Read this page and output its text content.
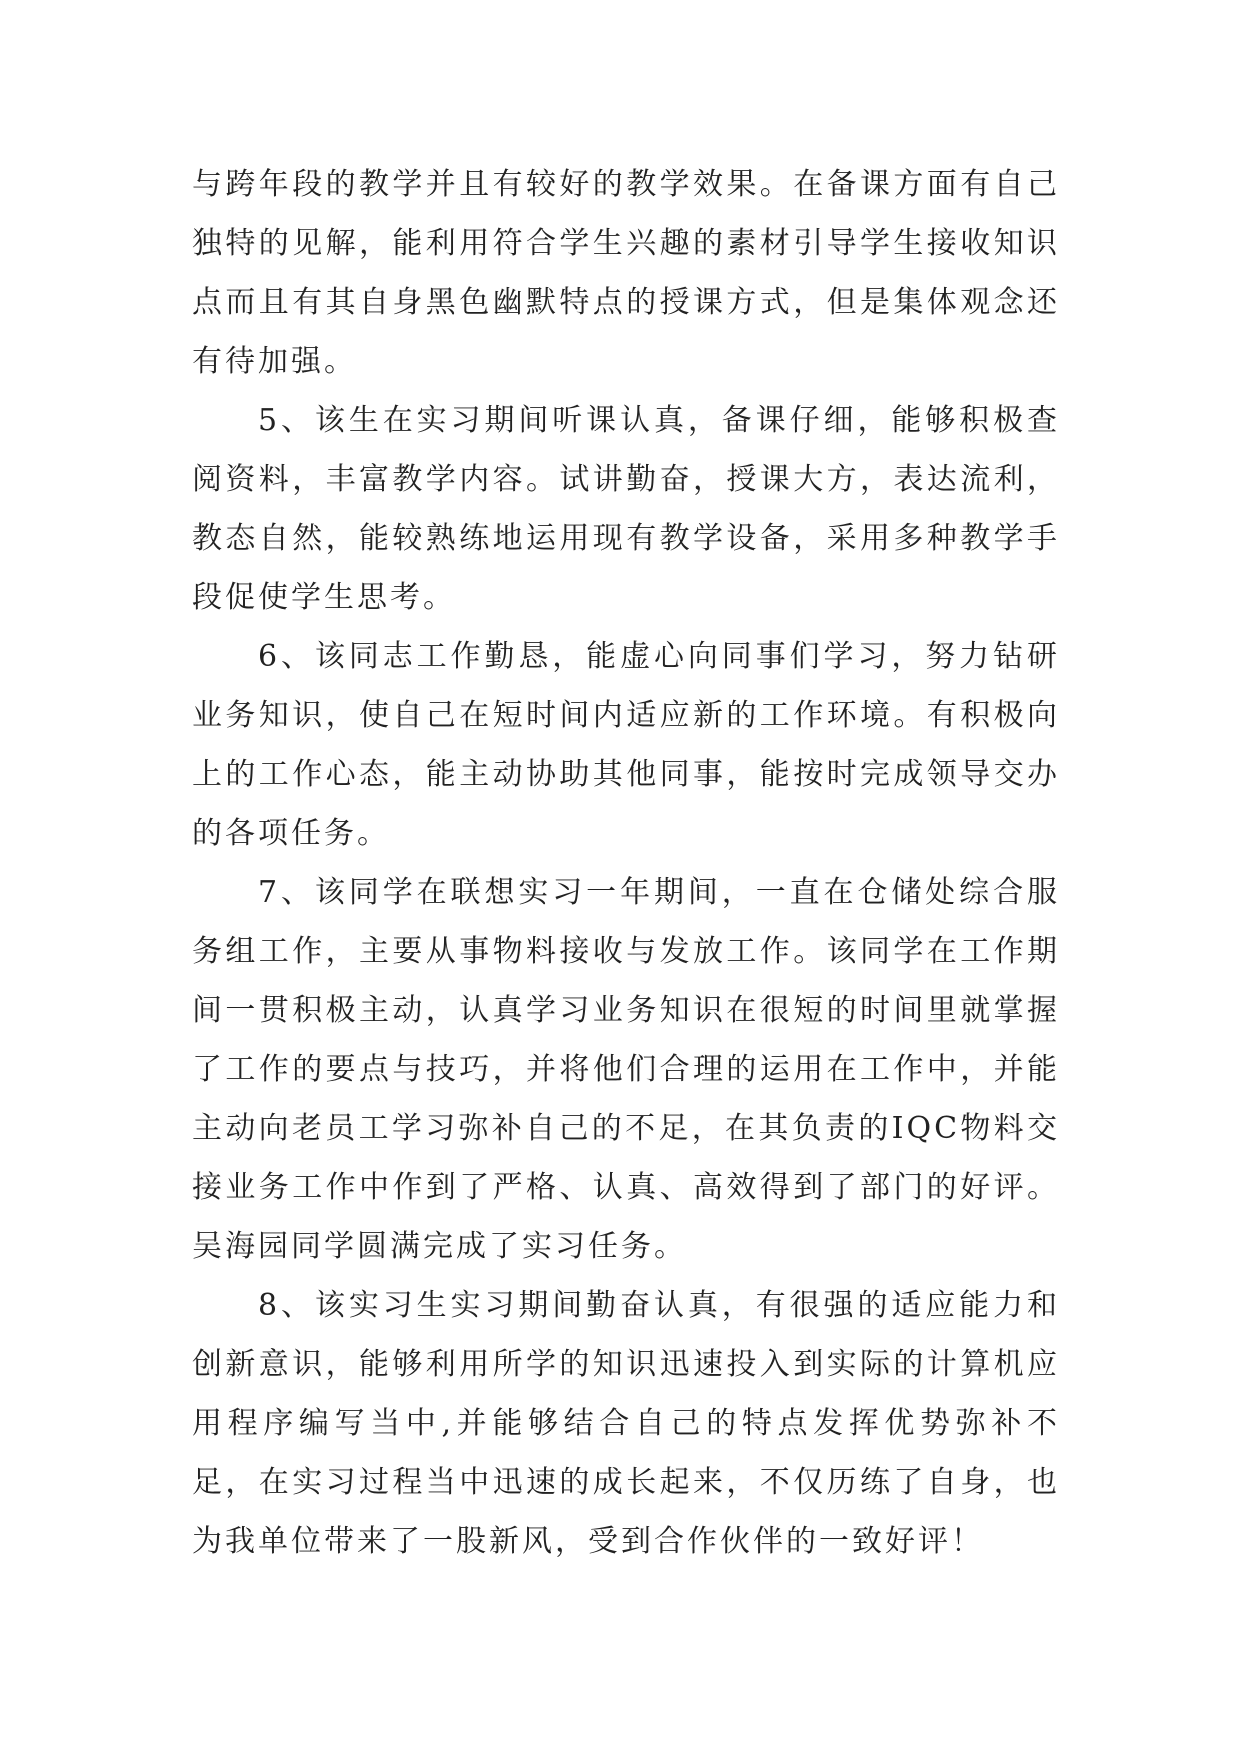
与跨年段的教学并且有较好的教学效果。在备课方面有自己独特的见解，能利用符合学生兴趣的素材引导学生接收知识点而且有其自身黑色幽默特点的授课方式，但是集体观念还有待加强。

5、该生在实习期间听课认真，备课仔细，能够积极查阅资料，丰富教学内容。试讲勤奋，授课大方，表达流利，教态自然，能较熟练地运用现有教学设备，采用多种教学手段促使学生思考。

6、该同志工作勤恳，能虚心向同事们学习，努力钻研业务知识，使自己在短时间内适应新的工作环境。有积极向上的工作心态，能主动协助其他同事，能按时完成领导交办的各项任务。

7、该同学在联想实习一年期间，一直在仓储处综合服务组工作，主要从事物料接收与发放工作。该同学在工作期间一贯积极主动，认真学习业务知识在很短的时间里就掌握了工作的要点与技巧，并将他们合理的运用在工作中，并能主动向老员工学习弥补自己的不足，在其负责的IQC物料交接业务工作中作到了严格、认真、高效得到了部门的好评。吴海园同学圆满完成了实习任务。

8、该实习生实习期间勤奋认真，有很强的适应能力和创新意识，能够利用所学的知识迅速投入到实际的计算机应用程序编写当中,并能够结合自己的特点发挥优势弥补不足，在实习过程当中迅速的成长起来，不仅历练了自身，也为我单位带来了一股新风，受到合作伙伴的一致好评！
